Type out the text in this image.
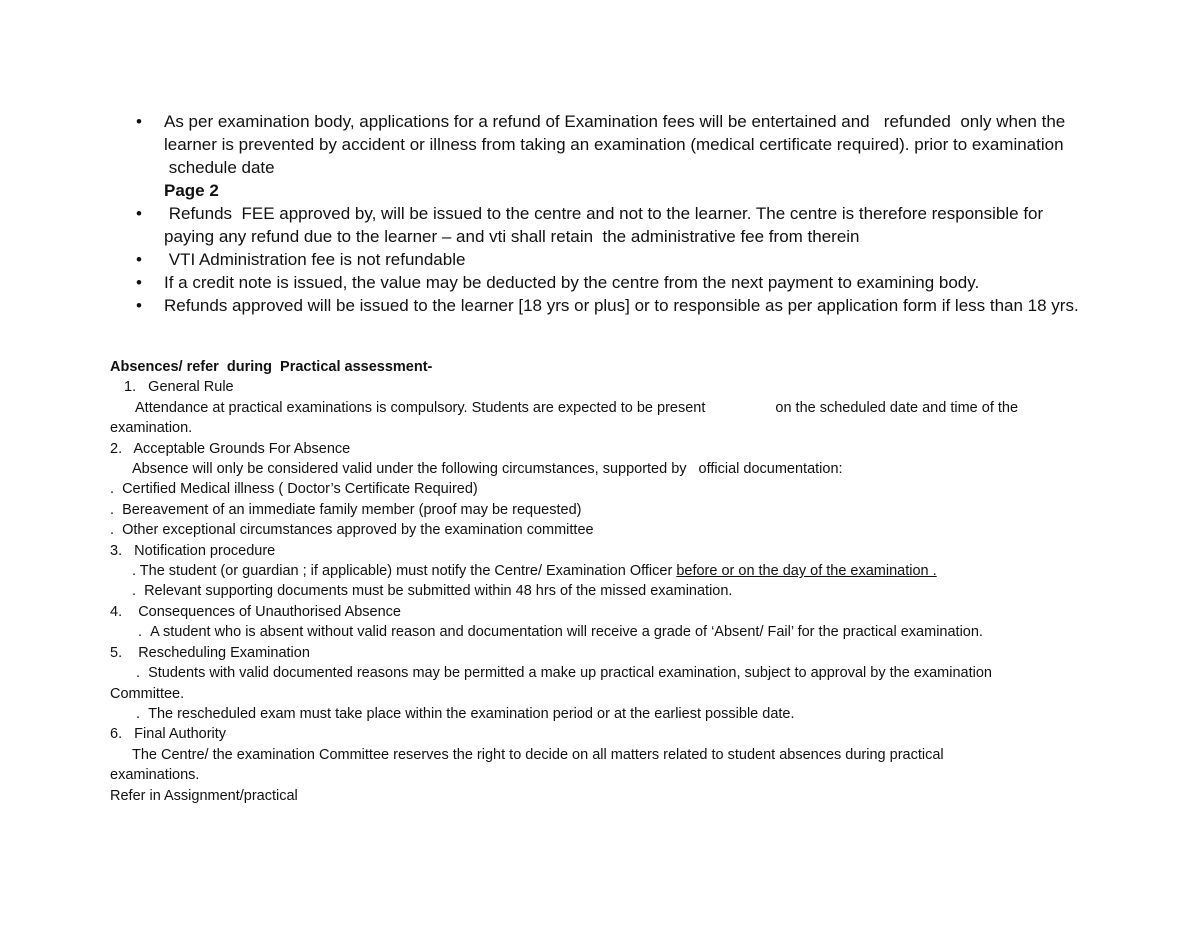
• As per examination body, applications for a refund of Examination fees will be entertained and   refunded  only when the learner is prevented by accident or illness from taking an examination (medical certificate required). prior to examination  schedule date
Page 2
• Refunds  FEE approved by, will be issued to the centre and not to the learner. The centre is therefore responsible for paying any refund due to the learner – and vti shall retain  the administrative fee from therein
• VTI Administration fee is not refundable
• If a credit note is issued, the value may be deducted by the centre from the next payment to examining body.
• Refunds approved will be issued to the learner [18 yrs or plus] or to responsible as per application form if less than 18 yrs.
Absences/ refer  during  Practical assessment-
1.   General Rule
Attendance at practical examinations is compulsory. Students are expected to be present	on the scheduled date and time of the
examination.
2.   Acceptable Grounds For Absence
Absence will only be considered valid under the following circumstances, supported by official documentation:
.  Certified Medical illness ( Doctor’s Certificate Required)
.  Bereavement of an immediate family member (proof may be requested)
.  Other exceptional circumstances approved by the examination committee
3.   Notification procedure
. The student (or guardian ; if applicable) must notify the Centre/ Examination Officer before or on the day of the examination .
.  Relevant supporting documents must be submitted within 48 hrs of the missed examination.
4.    Consequences of Unauthorised Absence
.  A student who is absent without valid reason and documentation will receive a grade of ‘Absent/ Fail’ for the practical examination.
5.    Rescheduling Examination
.  Students with valid documented reasons may be permitted a make up practical examination, subject to approval by the examination
Committee.
.  The rescheduled exam must take place within the examination period or at the earliest possible date.
6.   Final Authority
The Centre/ the examination Committee reserves the right to decide on all matters related to student absences during practical
examinations.
Refer in Assignment/practical
